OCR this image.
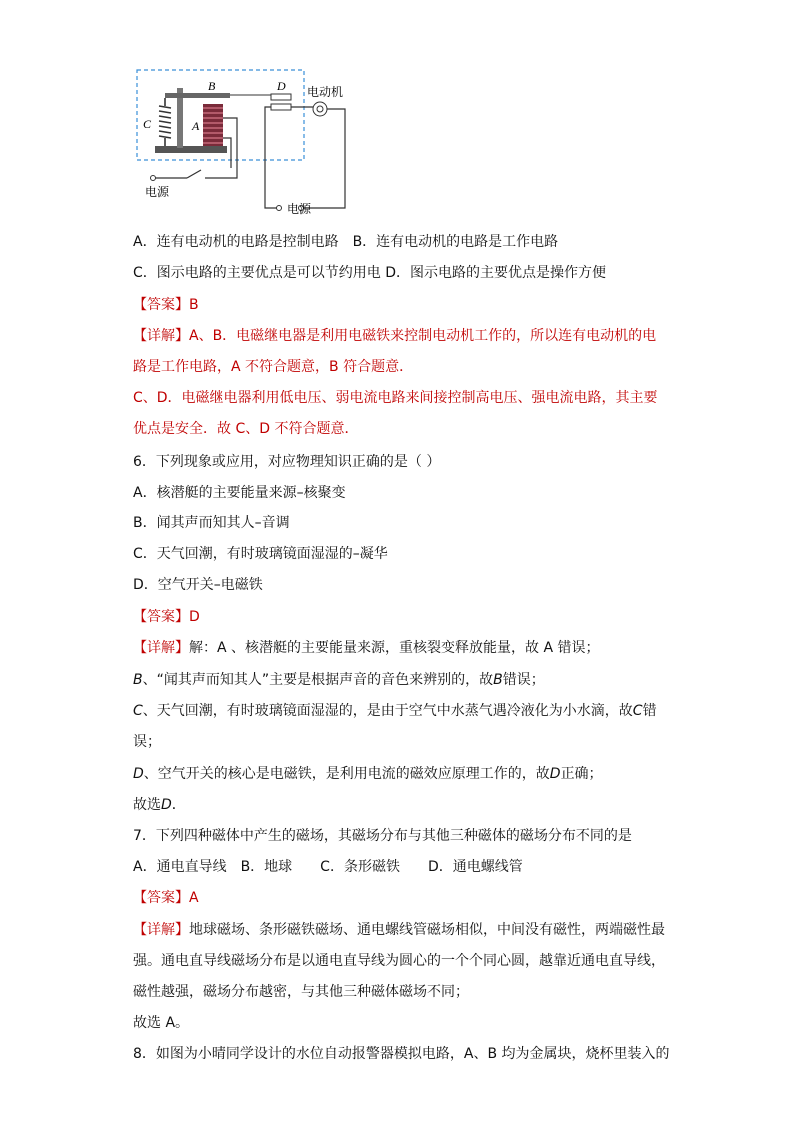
B	D
C	A
电动机
电源
电源
A．连有电动机的电路是控制电路　B．连有电动机的电路是工作电路
C．图示电路的主要优点是可以节约用电 D．图示电路的主要优点是操作方便
【答案】B
【详解】A、B．电磁继电器是利用电磁铁来控制电动机工作的，所以连有电动机的电
路是工作电路，A 不符合题意，B 符合题意．
C、D．电磁继电器利用低电压、弱电流电路来间接控制高电压、强电流电路，其主要
优点是安全．故 C、D 不符合题意．
6．下列现象或应用，对应物理知识正确的是（ ）
A．核潜艇的主要能量来源–核聚变
B．闻其声而知其人–音调
C．天气回潮，有时玻璃镜面湿湿的–凝华
D．空气开关–电磁铁
【答案】D
【详解】解：A 、核潜艇的主要能量来源，重核裂变释放能量，故 A 错误；
B、“闻其声而知其人”主要是根据声音的音色来辨别的，故B错误；
C、天气回潮，有时玻璃镜面湿湿的，是由于空气中水蒸气遇冷液化为小水滴，故C错
误；
D、空气开关的核心是电磁铁，是利用电流的磁效应原理工作的，故D正确；
故选D．
7．下列四种磁体中产生的磁场，其磁场分布与其他三种磁体的磁场分布不同的是
A．通电直导线　B．地球　　C．条形磁铁　　D．通电螺线管
【答案】A
【详解】地球磁场、条形磁铁磁场、通电螺线管磁场相似，中间没有磁性，两端磁性最
强。通电直导线磁场分布是以通电直导线为圆心的一个个同心圆，越靠近通电直导线，
磁性越强，磁场分布越密，与其他三种磁体磁场不同；
故选 A。
8．如图为小晴同学设计的水位自动报警器模拟电路，A、B 均为金属块，烧杯里装入的
